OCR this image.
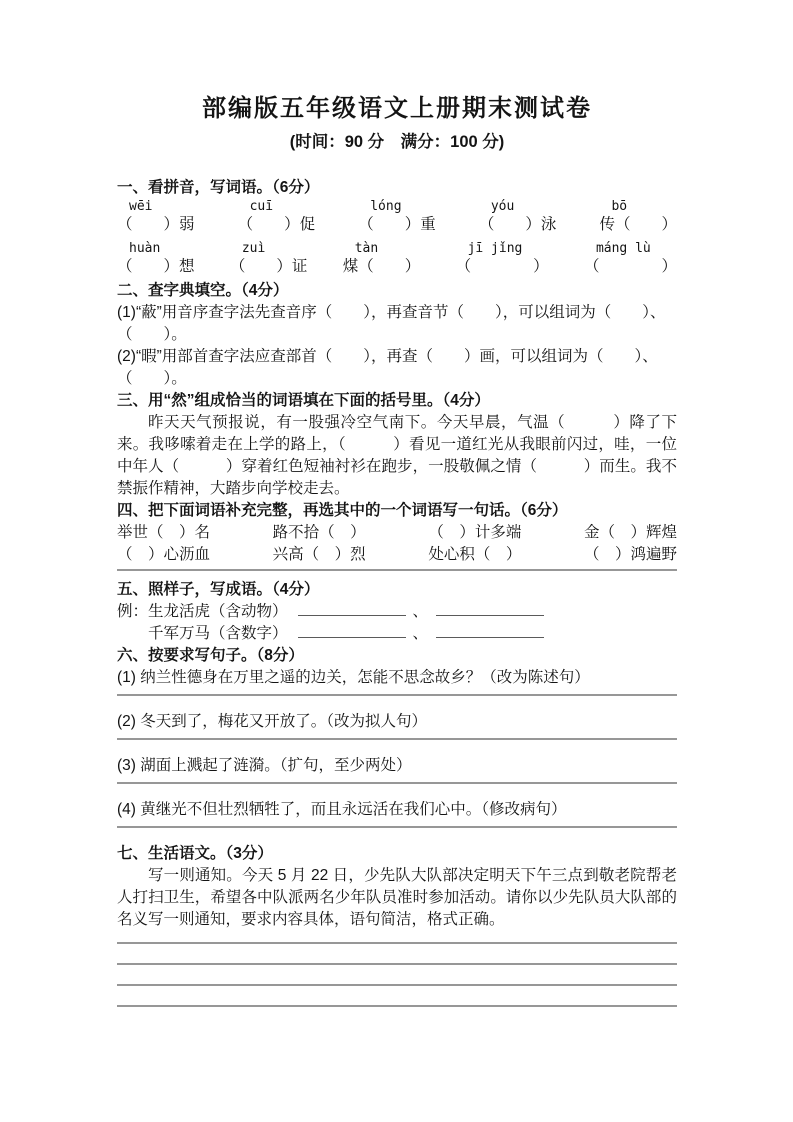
部编版五年级语文上册期末测试卷
(时间：90 分　满分：100 分)
一、看拼音，写词语。（6分）
wēi
（　　）弱
cuī
（　　）促
lóng
（　　）重
yóu
（　　）泳
bō
传（　　）
huàn
（　　）想
zuì
（　　）证
tàn
煤（　　）
jī jǐng
（　　　　）
máng lù
（　　　　）
二、查字典填空。（4分）
(1)“蔽”用音序查字法先查音序（　　），再查音节（　　），可以组词为（　　）、
（　　）。
(2)“暇”用部首查字法应查部首（　　），再查（　　）画，可以组词为（　　）、
（　　）。
三、用“然”组成恰当的词语填在下面的括号里。（4分）
昨天天气预报说，有一股强冷空气南下。今天早晨，气温（　　　）降了下来。我哆嗦着走在上学的路上，（　　　）看见一道红光从我眼前闪过，哇，一位中年人（　　　）穿着红色短袖衬衫在跑步，一股敬佩之情（　　　）而生。我不禁振作精神，大踏步向学校走去。
四、把下面词语补充完整，再选其中的一个词语写一句话。（6分）
举世（　）名	路不拾（　）	（　）计多端	金（　）辉煌
（　）心沥血	兴高（　）烈	处心积（　）	（　）鸿遍野
五、照样子，写成语。（4分）
例：生龙活虎（含动物）	、
千军万马（含数字）	、
六、按要求写句子。（8分）
(1) 纳兰性德身在万里之遥的边关，怎能不思念故乡？（改为陈述句）
(2) 冬天到了，梅花又开放了。（改为拟人句）
(3) 湖面上溅起了涟漪。（扩句，至少两处）
(4) 黄继光不但壮烈牺牲了，而且永远活在我们心中。（修改病句）
七、生活语文。（3分）
写一则通知。今天 5 月 22 日，少先队大队部决定明天下午三点到敬老院帮老人打扫卫生，希望各中队派两名少年队员准时参加活动。请你以少先队员大队部的名义写一则通知，要求内容具体，语句简洁，格式正确。
